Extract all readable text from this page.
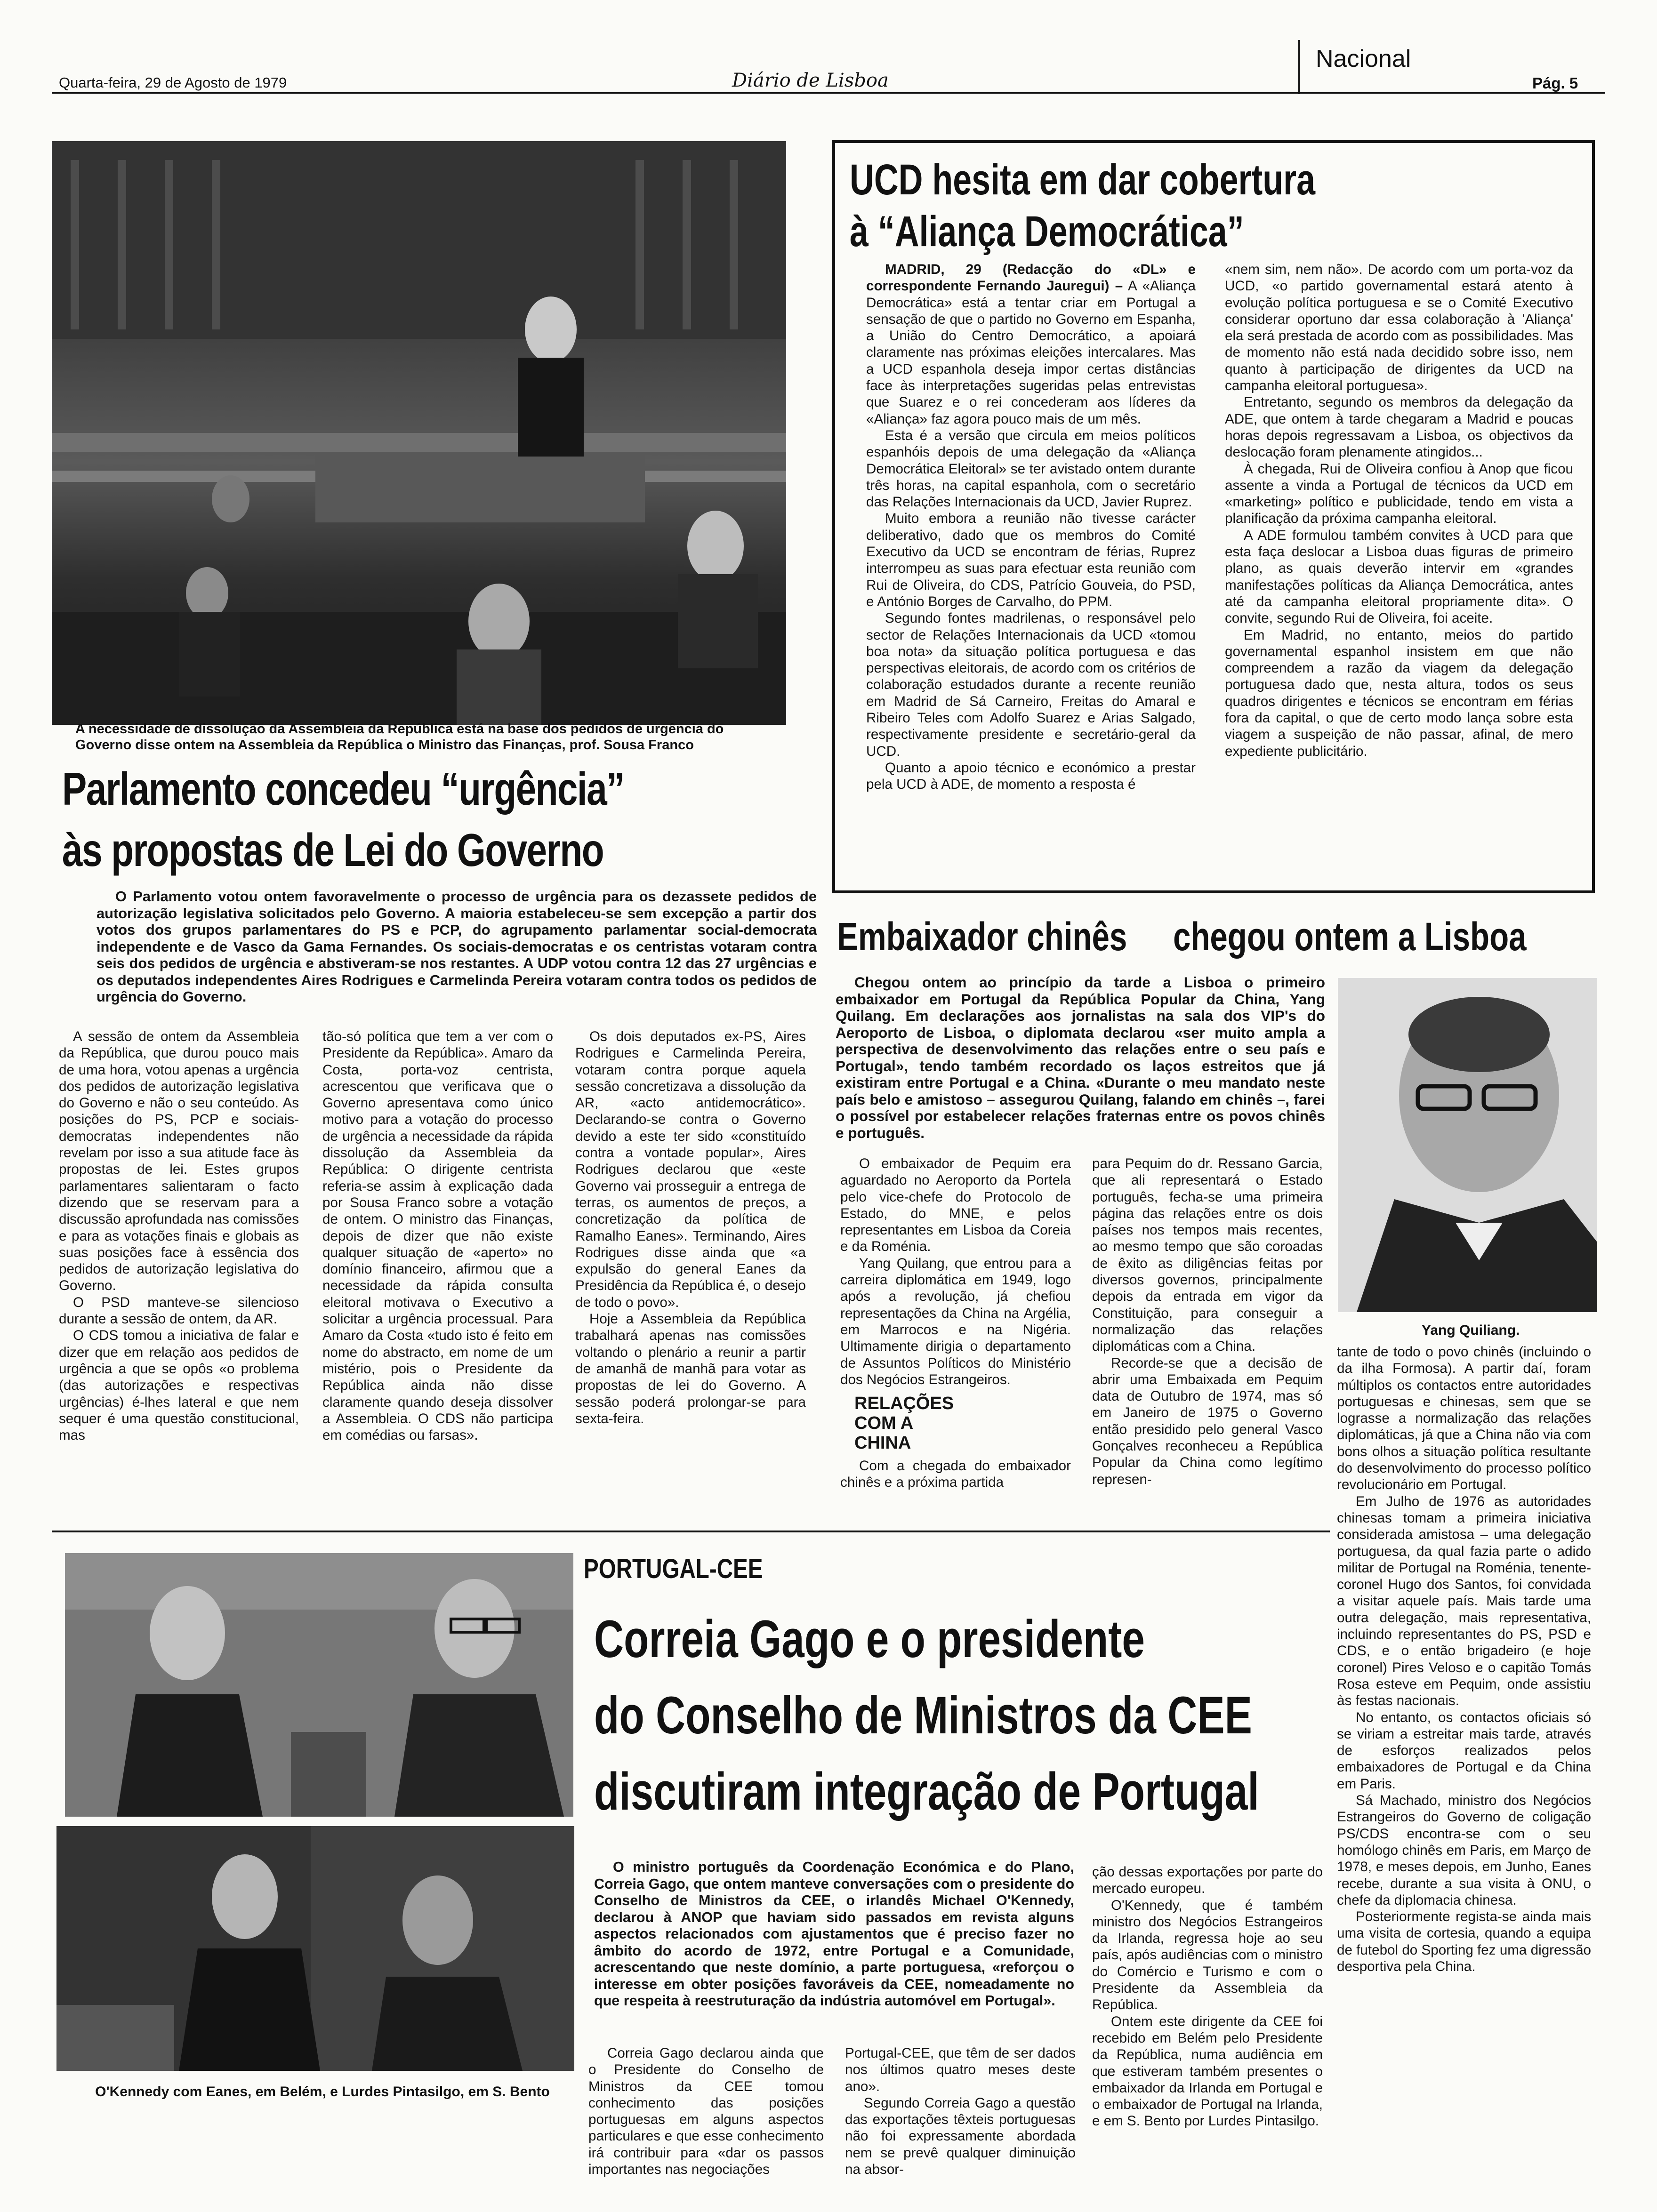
Quarta-feira, 29 de Agosto de 1979	Diário de Lisboa
Nacional
Pág. 5
A necessidade de dissolução da Assembleia da República está na base dos pedidos de urgência do Governo disse ontem na Assembleia da República o Ministro das Finanças, prof. Sousa Franco
Parlamento concedeu “urgência”
às propostas de Lei do Governo
O Parlamento votou ontem favoravelmente o processo de urgência para os dezassete pedidos de autorização legislativa solicitados pelo Governo. A maioria estabeleceu-se sem excepção a partir dos votos dos grupos parlamentares do PS e PCP, do agrupamento parlamentar social-democrata independente e de Vasco da Gama Fernandes. Os sociais-democratas e os centristas votaram contra seis dos pedidos de urgência e abstiveram-se nos restantes. A UDP votou contra 12 das 27 urgências e os deputados independentes Aires Rodrigues e Carmelinda Pereira votaram contra todos os pedidos de urgência do Governo.
A sessão de ontem da Assembleia da República, que durou pouco mais de uma hora, votou apenas a urgência dos pedidos de autorização legislativa do Governo e não o seu conteúdo. As posições do PS, PCP e sociais-democratas independentes não revelam por isso a sua atitude face às propostas de lei. Estes grupos parlamentares salientaram o facto dizendo que se reservam para a discussão aprofundada nas comissões e para as votações finais e globais as suas posições face à essência dos pedidos de autorização legislativa do Governo.
O PSD manteve-se silencioso durante a sessão de ontem, da AR.
O CDS tomou a iniciativa de falar e dizer que em relação aos pedidos de urgência a que se opôs «o problema (das autorizações e respectivas urgências) é-lhes lateral e que nem sequer é uma questão constitucional, mas
tão-só política que tem a ver com o Presidente da República». Amaro da Costa, porta-voz centrista, acrescentou que verificava que o Governo apresentava como único motivo para a votação do processo de urgência a necessidade da rápida dissolução da Assembleia da República: O dirigente centrista referia-se assim à explicação dada por Sousa Franco sobre a votação de ontem. O ministro das Finanças, depois de dizer que não existe qualquer situação de «aperto» no domínio financeiro, afirmou que a necessidade da rápida consulta eleitoral motivava o Executivo a solicitar a urgência processual. Para Amaro da Costa «tudo isto é feito em nome do abstracto, em nome de um mistério, pois o Presidente da República ainda não disse claramente quando deseja dissolver a Assembleia. O CDS não participa em comédias ou farsas».
Os dois deputados ex-PS, Aires Rodrigues e Carmelinda Pereira, votaram contra porque aquela sessão concretizava a dissolução da AR, «acto antidemocrático». Declarando-se contra o Governo devido a este ter sido «constituído contra a vontade popular», Aires Rodrigues declarou que «este Governo vai prosseguir a entrega de terras, os aumentos de preços, a concretização da política de Ramalho Eanes». Terminando, Aires Rodrigues disse ainda que «a expulsão do general Eanes da Presidência da República é, o desejo de todo o povo».
Hoje a Assembleia da República trabalhará apenas nas comissões voltando o plenário a reunir a partir de amanhã de manhã para votar as propostas de lei do Governo. A sessão poderá prolongar-se para sexta-feira.
UCD hesita em dar cobertura
à “Aliança Democrática”
MADRID, 29 (Redacção do «DL» e correspondente Fernando Jauregui) – A «Aliança Democrática» está a tentar criar em Portugal a sensação de que o partido no Governo em Espanha, a União do Centro Democrático, a apoiará claramente nas próximas eleições intercalares. Mas a UCD espanhola deseja impor certas distâncias face às interpretações sugeridas pelas entrevistas que Suarez e o rei concederam aos líderes da «Aliança» faz agora pouco mais de um mês.
Esta é a versão que circula em meios políticos espanhóis depois de uma delegação da «Aliança Democrática Eleitoral» se ter avistado ontem durante três horas, na capital espanhola, com o secretário das Relações Internacionais da UCD, Javier Ruprez.
Muito embora a reunião não tivesse carácter deliberativo, dado que os membros do Comité Executivo da UCD se encontram de férias, Ruprez interrompeu as suas para efectuar esta reunião com Rui de Oliveira, do CDS, Patrício Gouveia, do PSD, e António Borges de Carvalho, do PPM.
Segundo fontes madrilenas, o responsável pelo sector de Relações Internacionais da UCD «tomou boa nota» da situação política portuguesa e das perspectivas eleitorais, de acordo com os critérios de colaboração estudados durante a recente reunião em Madrid de Sá Carneiro, Freitas do Amaral e Ribeiro Teles com Adolfo Suarez e Arias Salgado, respectivamente presidente e secretário-geral da UCD.
Quanto a apoio técnico e económico a prestar pela UCD à ADE, de momento a resposta é
«nem sim, nem não». De acordo com um porta-voz da UCD, «o partido governamental estará atento à evolução política portuguesa e se o Comité Executivo considerar oportuno dar essa colaboração à 'Aliança' ela será prestada de acordo com as possibilidades. Mas de momento não está nada decidido sobre isso, nem quanto à participação de dirigentes da UCD na campanha eleitoral portuguesa».
Entretanto, segundo os membros da delegação da ADE, que ontem à tarde chegaram a Madrid e poucas horas depois regressavam a Lisboa, os objectivos da deslocação foram plenamente atingidos...
À chegada, Rui de Oliveira confiou à Anop que ficou assente a vinda a Portugal de técnicos da UCD em «marketing» político e publicidade, tendo em vista a planificação da próxima campanha eleitoral.
A ADE formulou também convites à UCD para que esta faça deslocar a Lisboa duas figuras de primeiro plano, as quais deverão intervir em «grandes manifestações políticas da Aliança Democrática, antes até da campanha eleitoral propriamente dita». O convite, segundo Rui de Oliveira, foi aceite.
Em Madrid, no entanto, meios do partido governamental espanhol insistem em que não compreendem a razão da viagem da delegação portuguesa dado que, nesta altura, todos os seus quadros dirigentes e técnicos se encontram em férias fora da capital, o que de certo modo lança sobre esta viagem a suspeição de não passar, afinal, de mero expediente publicitário.
Embaixador chinês chegou ontem a Lisboa
Chegou ontem ao princípio da tarde a Lisboa o primeiro embaixador em Portugal da República Popular da China, Yang Quilang. Em declarações aos jornalistas na sala dos VIP's do Aeroporto de Lisboa, o diplomata declarou «ser muito ampla a perspectiva de desenvolvimento das relações entre o seu país e Portugal», tendo também recordado os laços estreitos que já existiram entre Portugal e a China. «Durante o meu mandato neste país belo e amistoso – assegurou Quilang, falando em chinês –, farei o possível por estabelecer relações fraternas entre os povos chinês e português.
Yang Quiliang.
O embaixador de Pequim era aguardado no Aeroporto da Portela pelo vice-chefe do Protocolo de Estado, do MNE, e pelos representantes em Lisboa da Coreia e da Roménia.
Yang Quilang, que entrou para a carreira diplomática em 1949, logo após a revolução, já chefiou representações da China na Argélia, em Marrocos e na Nigéria. Ultimamente dirigia o departamento de Assuntos Políticos do Ministério dos Negócios Estrangeiros.
RELAÇÕES COM A CHINA
Com a chegada do embaixador chinês e a próxima partida
para Pequim do dr. Ressano Garcia, que ali representará o Estado português, fecha-se uma primeira página das relações entre os dois países nos tempos mais recentes, ao mesmo tempo que são coroadas de êxito as diligências feitas por diversos governos, principalmente depois da entrada em vigor da Constituição, para conseguir a normalização das relações diplomáticas com a China.
Recorde-se que a decisão de abrir uma Embaixada em Pequim data de Outubro de 1974, mas só em Janeiro de 1975 o Governo então presidido pelo general Vasco Gonçalves reconheceu a República Popular da China como legítimo represen-
tante de todo o povo chinês (incluindo o da ilha Formosa). A partir daí, foram múltiplos os contactos entre autoridades portuguesas e chinesas, sem que se lograsse a normalização das relações diplomáticas, já que a China não via com bons olhos a situação política resultante do desenvolvimento do processo político revolucionário em Portugal.
Em Julho de 1976 as autoridades chinesas tomam a primeira iniciativa considerada amistosa – uma delegação portuguesa, da qual fazia parte o adido militar de Portugal na Roménia, tenente-coronel Hugo dos Santos, foi convidada a visitar aquele país. Mais tarde uma outra delegação, mais representativa, incluindo representantes do PS, PSD e CDS, e o então brigadeiro (e hoje coronel) Pires Veloso e o capitão Tomás Rosa esteve em Pequim, onde assistiu às festas nacionais.
No entanto, os contactos oficiais só se viriam a estreitar mais tarde, através de esforços realizados pelos embaixadores de Portugal e da China em Paris.
Sá Machado, ministro dos Negócios Estrangeiros do Governo de coligação PS/CDS encontra-se com o seu homólogo chinês em Paris, em Março de 1978, e meses depois, em Junho, Eanes recebe, durante a sua visita à ONU, o chefe da diplomacia chinesa.
Posteriormente regista-se ainda mais uma visita de cortesia, quando a equipa de futebol do Sporting fez uma digressão desportiva pela China.
O'Kennedy com Eanes, em Belém, e Lurdes Pintasilgo, em S. Bento
PORTUGAL-CEE
Correia Gago e o presidente
do Conselho de Ministros da CEE
discutiram integração de Portugal
O ministro português da Coordenação Económica e do Plano, Correia Gago, que ontem manteve conversações com o presidente do Conselho de Ministros da CEE, o irlandês Michael O'Kennedy, declarou à ANOP que haviam sido passados em revista alguns aspectos relacionados com ajustamentos que é preciso fazer no âmbito do acordo de 1972, entre Portugal e a Comunidade, acrescentando que neste domínio, a parte portuguesa, «reforçou o interesse em obter posições favoráveis da CEE, nomeadamente no que respeita à reestruturação da indústria automóvel em Portugal».
Correia Gago declarou ainda que o Presidente do Conselho de Ministros da CEE tomou conhecimento das posições portuguesas em alguns aspectos particulares e que esse conhecimento irá contribuir para «dar os passos importantes nas negociações
Portugal-CEE, que têm de ser dados nos últimos quatro meses deste ano».
Segundo Correia Gago a questão das exportações têxteis portuguesas não foi expressamente abordada nem se prevê qualquer diminuição na absor-
ção dessas exportações por parte do mercado europeu.
O'Kennedy, que é também ministro dos Negócios Estrangeiros da Irlanda, regressa hoje ao seu país, após audiências com o ministro do Comércio e Turismo e com o Presidente da Assembleia da República.
Ontem este dirigente da CEE foi recebido em Belém pelo Presidente da República, numa audiência em que estiveram também presentes o embaixador da Irlanda em Portugal e o embaixador de Portugal na Irlanda, e em S. Bento por Lurdes Pintasilgo.
